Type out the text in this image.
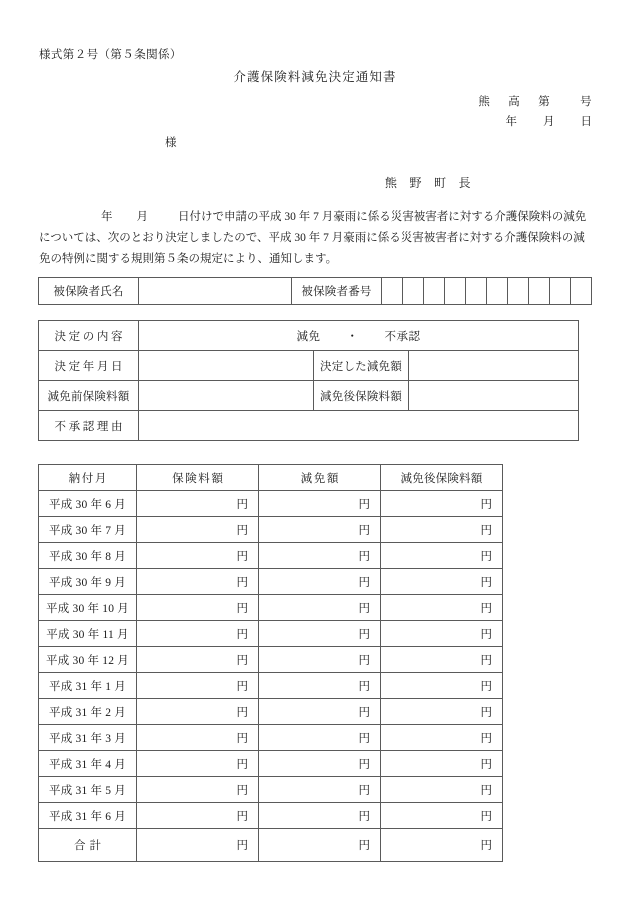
様式第２号（第５条関係）
介護保険料減免決定通知書
熊 高 第	号
年 月 日
様
熊 野 町 長
年 月	日付けで申請の平成 30 年 7 月豪雨に係る災害被害者に対する介護保険料の減免については、次のとおり決定しましたので、平成 30 年 7 月豪雨に係る災害被害者に対する介護保険料の減免の特例に関する規則第５条の規定により、通知します。
被保険者氏名		被保険者番号										
決定の内容	減免 ・ 不承認		
決定年月日		決定した減免額	
減免前保険料額		減免後保険料額	
不承認理由			
納付月	保険料額	減免額	減免後保険料額
平成 30 年 6 月	円	円	円
平成 30 年 7 月	円	円	円
平成 30 年 8 月	円	円	円
平成 30 年 9 月	円	円	円
平成 30 年 10 月	円	円	円
平成 30 年 11 月	円	円	円
平成 30 年 12 月	円	円	円
平成 31 年 1 月	円	円	円
平成 31 年 2 月	円	円	円
平成 31 年 3 月	円	円	円
平成 31 年 4 月	円	円	円
平成 31 年 5 月	円	円	円
平成 31 年 6 月	円	円	円
合計	円	円	円
